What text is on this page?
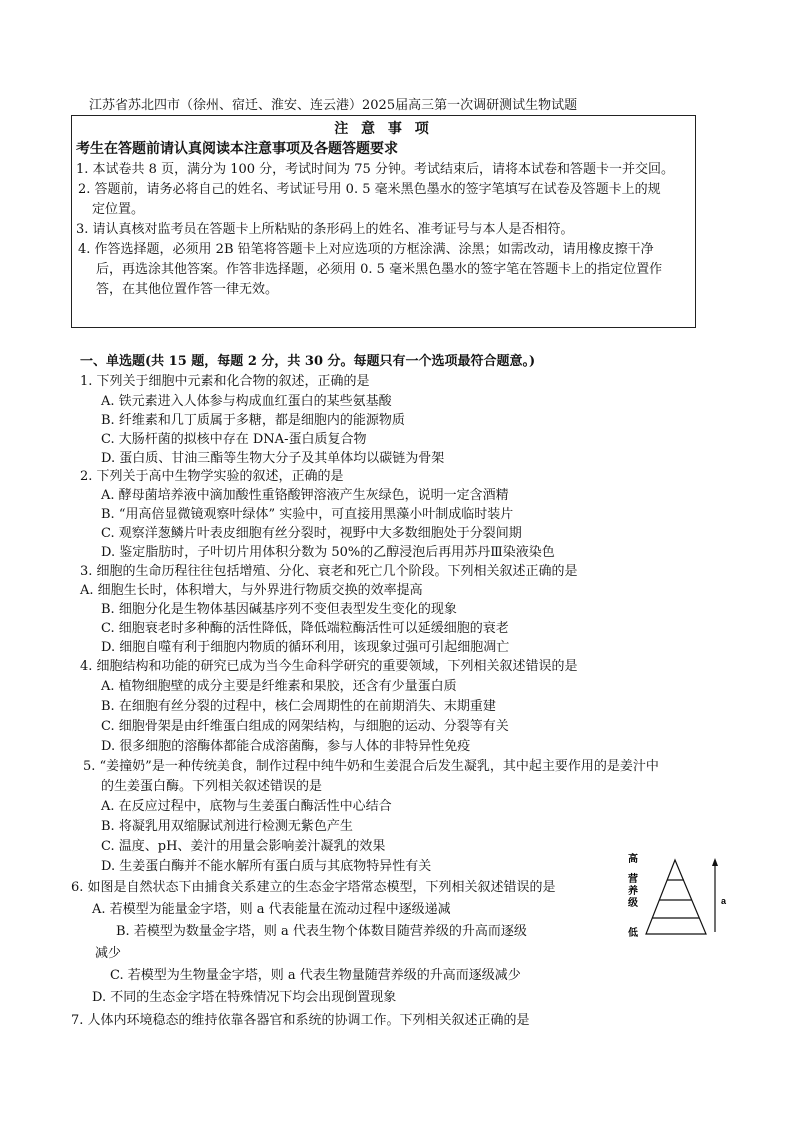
江苏省苏北四市（徐州、宿迁、淮安、连云港）2025届高三第一次调研测试生物试题
注 意 事 项
考生在答题前请认真阅读本注意事项及各题答题要求
1. 本试卷共 8 页，满分为 100 分，考试时间为 75 分钟。考试结束后，请将本试卷和答题卡一并交回。
2. 答题前，请务必将自己的姓名、考试证号用 0. 5 毫米黑色墨水的签字笔填写在试卷及答题卡上的规
定位置。
3. 请认真核对监考员在答题卡上所粘贴的条形码上的姓名、准考证号与本人是否相符。
4. 作答选择题，必须用 2B 铅笔将答题卡上对应选项的方框涂满、涂黑；如需改动，请用橡皮擦干净
后，再选涂其他答案。作答非选择题，必须用 0. 5 毫米黑色墨水的签字笔在答题卡上的指定位置作
答，在其他位置作答一律无效。
一、单选题(共 15 题，每题 2 分，共 30 分。每题只有一个选项最符合题意。)
1. 下列关于细胞中元素和化合物的叙述，正确的是
A. 铁元素进入人体参与构成血红蛋白的某些氨基酸
B. 纤维素和几丁质属于多糖，都是细胞内的能源物质
C. 大肠杆菌的拟核中存在 DNA-蛋白质复合物
D. 蛋白质、甘油三酯等生物大分子及其单体均以碳链为骨架
2. 下列关于高中生物学实验的叙述，正确的是
A. 酵母菌培养液中滴加酸性重铬酸钾溶液产生灰绿色，说明一定含酒精
B. “用高倍显微镜观察叶绿体” 实验中，可直接用黑藻小叶制成临时装片
C. 观察洋葱鳞片叶表皮细胞有丝分裂时，视野中大多数细胞处于分裂间期
D. 鉴定脂肪时，子叶切片用体积分数为 50%的乙醇浸泡后再用苏丹Ⅲ染液染色
3. 细胞的生命历程往往包括增殖、分化、衰老和死亡几个阶段。下列相关叙述正确的是
A. 细胞生长时，体积增大，与外界进行物质交换的效率提高
B. 细胞分化是生物体基因碱基序列不变但表型发生变化的现象
C. 细胞衰老时多种酶的活性降低，降低端粒酶活性可以延缓细胞的衰老
D. 细胞自噬有利于细胞内物质的循环利用，该现象过强可引起细胞凋亡
4. 细胞结构和功能的研究已成为当今生命科学研究的重要领域，下列相关叙述错误的是
A. 植物细胞壁的成分主要是纤维素和果胶，还含有少量蛋白质
B. 在细胞有丝分裂的过程中，核仁会周期性的在前期消失、末期重建
C. 细胞骨架是由纤维蛋白组成的网架结构，与细胞的运动、分裂等有关
D. 很多细胞的溶酶体都能合成溶菌酶，参与人体的非特异性免疫
5. “姜撞奶”是一种传统美食，制作过程中纯牛奶和生姜混合后发生凝乳，其中起主要作用的是姜汁中
的生姜蛋白酶。下列相关叙述错误的是
A. 在反应过程中，底物与生姜蛋白酶活性中心结合
B. 将凝乳用双缩脲试剂进行检测无紫色产生
C. 温度、pH、姜汁的用量会影响姜汁凝乳的效果
D. 生姜蛋白酶并不能水解所有蛋白质与其底物特异性有关
6. 如图是自然状态下由捕食关系建立的生态金字塔常态模型，下列相关叙述错误的是
A. 若模型为能量金字塔，则 a 代表能量在流动过程中逐级递减
B. 若模型为数量金字塔，则 a 代表生物个体数目随营养级的升高而逐级
减少
C. 若模型为生物量金字塔，则 a 代表生物量随营养级的升高而逐级减少
D. 不同的生态金字塔在特殊情况下均会出现倒置现象
7. 人体内环境稳态的维持依靠各器官和系统的协调工作。下列相关叙述正确的是
a
高
营
养
级
低
